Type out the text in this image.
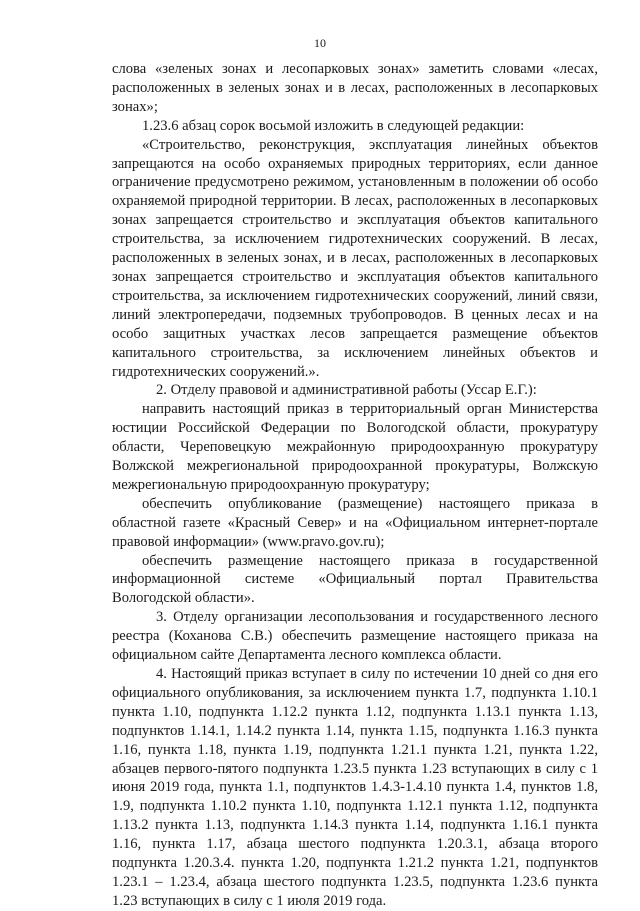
10

слова «зеленых зонах и лесопарковых зонах» заметить словами «лесах, расположенных в зеленых зонах и в лесах, расположенных в лесопарковых зонах»;

1.23.6 абзац сорок восьмой изложить в следующей редакции:

«Строительство, реконструкция, эксплуатация линейных объектов запрещаются на особо охраняемых природных территориях, если данное ограничение предусмотрено режимом, установленным в положении об особо охраняемой природной территории. В лесах, расположенных в лесопарковых зонах запрещается строительство и эксплуатация объектов капитального строительства, за исключением гидротехнических сооружений. В лесах, расположенных в зеленых зонах, и в лесах, расположенных в лесопарковых зонах запрещается строительство и эксплуатация объектов капитального строительства, за исключением гидротехнических сооружений, линий связи, линий электропередачи, подземных трубопроводов. В ценных лесах и на особо защитных участках лесов запрещается размещение объектов капитального строительства, за исключением линейных объектов и гидротехнических сооружений.».

2. Отделу правовой и административной работы (Уссар Е.Г.):

направить настоящий приказ в территориальный орган Министерства юстиции Российской Федерации по Вологодской области, прокуратуру области, Череповецкую межрайонную природоохранную прокуратуру Волжской межрегиональной природоохранной прокуратуры, Волжскую межрегиональную природоохранную прокуратуру;

обеспечить опубликование (размещение) настоящего приказа в областной газете «Красный Север» и на «Официальном интернет-портале правовой информации» (www.pravo.gov.ru);

обеспечить размещение настоящего приказа в государственной информационной системе «Официальный портал Правительства Вологодской области».

3. Отделу организации лесопользования и государственного лесного реестра (Коханова С.В.) обеспечить размещение настоящего приказа на официальном сайте Департамента лесного комплекса области.

4. Настоящий приказ вступает в силу по истечении 10 дней со дня его официального опубликования, за исключением пункта 1.7, подпункта 1.10.1 пункта 1.10, подпункта 1.12.2 пункта 1.12, подпункта 1.13.1 пункта 1.13, подпунктов 1.14.1, 1.14.2 пункта 1.14, пункта 1.15, подпункта 1.16.3 пункта 1.16, пункта 1.18, пункта 1.19, подпункта 1.21.1 пункта 1.21, пункта 1.22, абзацев первого-пятого подпункта 1.23.5 пункта 1.23 вступающих в силу с 1 июня 2019 года, пункта 1.1, подпунктов 1.4.3-1.4.10 пункта 1.4, пунктов 1.8, 1.9, подпункта 1.10.2 пункта 1.10, подпункта 1.12.1 пункта 1.12, подпункта 1.13.2 пункта 1.13, подпункта 1.14.3 пункта 1.14, подпункта 1.16.1 пункта 1.16, пункта 1.17, абзаца шестого подпункта 1.20.3.1, абзаца второго подпункта 1.20.3.4. пункта 1.20, подпункта 1.21.2 пункта 1.21, подпунктов 1.23.1 – 1.23.4, абзаца шестого подпункта 1.23.5, подпункта 1.23.6 пункта 1.23 вступающих в силу с 1 июля 2019 года.
